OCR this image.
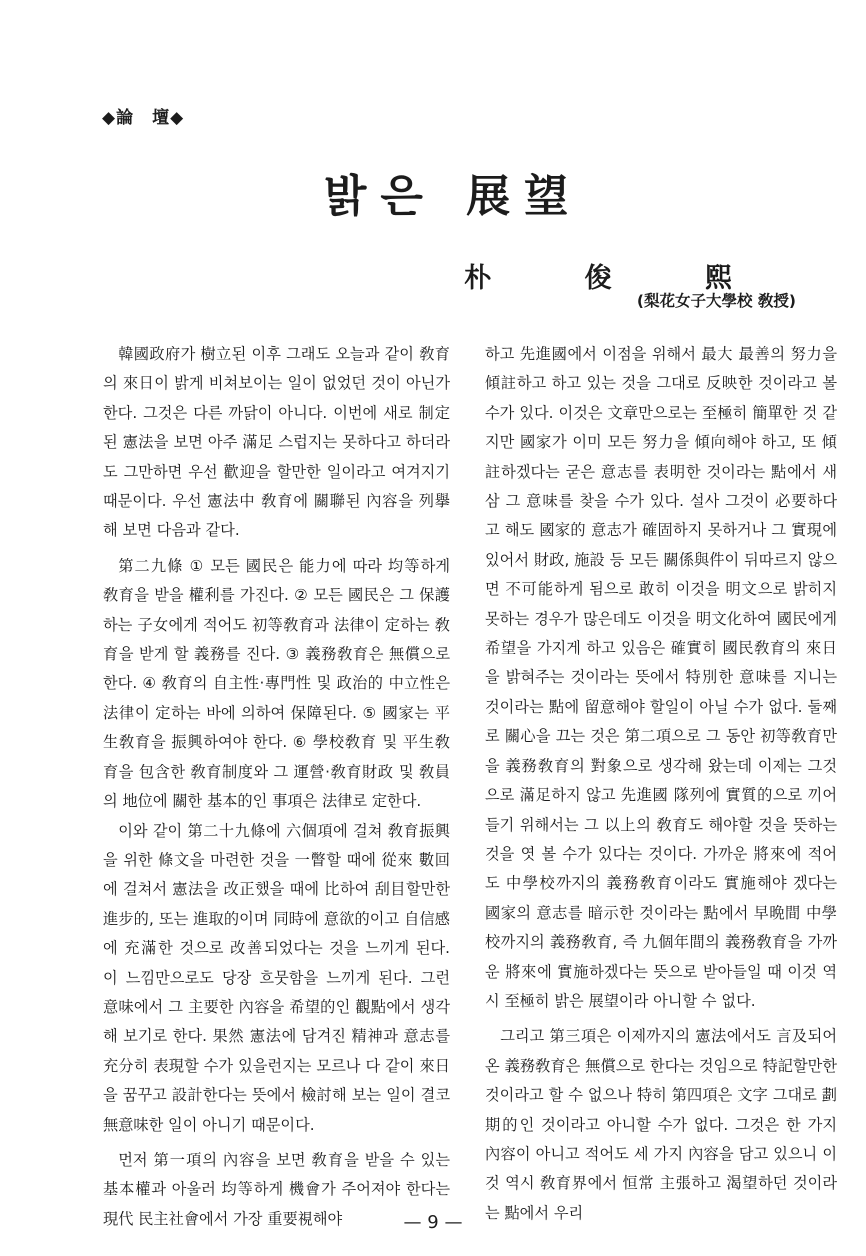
◆論　壇◆
밝은 展望
朴 俊 熙
(梨花女子大學校 敎授)

韓國政府가 樹立된 이후 그래도 오늘과 같이 敎育의 來日이 밝게 비쳐보이는 일이 없었던 것이 아닌가 한다. 그것은 다른 까닭이 아니다. 이번에 새로 制定된 憲法을 보면 아주 滿足 스럽지는 못하다고 하더라도 그만하면 우선 歡迎을 할만한 일이라고 여겨지기 때문이다. 우선 憲法中 敎育에 關聯된 內容을 列擧해 보면 다음과 같다.

第二九條 ① 모든 國民은 能力에 따라 均等하게 敎育을 받을 權利를 가진다. ② 모든 國民은 그 保護하는 子女에게 적어도 初等敎育과 法律이 定하는 敎育을 받게 할 義務를 진다. ③ 義務敎育은 無償으로 한다. ④ 敎育의 自主性·專門性 및 政治的 中立性은 法律이 定하는 바에 의하여 保障된다. ⑤ 國家는 平生敎育을 振興하여야 한다. ⑥ 學校敎育 및 平生敎育을 包含한 敎育制度와 그 運營·敎育財政 및 敎員의 地位에 關한 基本的인 事項은 法律로 定한다.

이와 같이 第二十九條에 六個項에 걸쳐 敎育振興을 위한 條文을 마련한 것을 一瞥할 때에 從來 數回에 걸쳐서 憲法을 改正했을 때에 比하여 刮目할만한 進步的, 또는 進取的이며 同時에 意欲的이고 自信感에 充滿한 것으로 改善되었다는 것을 느끼게 된다. 이 느낌만으로도 당장 흐뭇함을 느끼게 된다. 그런 意味에서 그 主要한 內容을 希望的인 觀點에서 생각해 보기로 한다. 果然 憲法에 담겨진 精神과 意志를 充分히 表現할 수가 있을런지는 모르나 다 같이 來日을 꿈꾸고 設計한다는 뜻에서 檢討해 보는 일이 결코 無意味한 일이 아니기 때문이다.

먼저 第一項의 內容을 보면 敎育을 받을 수 있는 基本權과 아울러 均等하게 機會가 주어져야 한다는 現代 民主社會에서 가장 重要視해야

하고 先進國에서 이점을 위해서 最大 最善의 努力을 傾註하고 하고 있는 것을 그대로 反映한 것이라고 볼 수가 있다. 이것은 文章만으로는 至極히 簡單한 것 같지만 國家가 이미 모든 努力을 傾向해야 하고, 또 傾註하겠다는 굳은 意志를 表明한 것이라는 點에서 새삼 그 意味를 찾을 수가 있다. 설사 그것이 必要하다고 해도 國家的 意志가 確固하지 못하거나 그 實現에 있어서 財政, 施設 등 모든 關係與件이 뒤따르지 않으면 不可能하게 됨으로 敢히 이것을 明文으로 밝히지 못하는 경우가 많은데도 이것을 明文化하여 國民에게 希望을 가지게 하고 있음은 確實히 國民敎育의 來日을 밝혀주는 것이라는 뜻에서 特別한 意味를 지니는 것이라는 點에 留意해야 할일이 아닐 수가 없다. 둘째로 關心을 끄는 것은 第二項으로 그 동안 初等敎育만을 義務敎育의 對象으로 생각해 왔는데 이제는 그것으로 滿足하지 않고 先進國 隊列에 實質的으로 끼어들기 위해서는 그 以上의 敎育도 해야할 것을 뜻하는 것을 엿 볼 수가 있다는 것이다. 가까운 將來에 적어도 中學校까지의 義務敎育이라도 實施해야 겠다는 國家의 意志를 暗示한 것이라는 點에서 早晩間 中學校까지의 義務敎育, 즉 九個年間의 義務敎育을 가까운 將來에 實施하겠다는 뜻으로 받아들일 때 이것 역시 至極히 밝은 展望이라 아니할 수 없다.

그리고 第三項은 이제까지의 憲法에서도 言及되어 온 義務敎育은 無償으로 한다는 것임으로 特記할만한 것이라고 할 수 없으나 特히 第四項은 文字 그대로 劃期的인 것이라고 아니할 수가 없다. 그것은 한 가지 內容이 아니고 적어도 세 가지 內容을 담고 있으니 이것 역시 敎育界에서 恒常 主張하고 渴望하던 것이라는 點에서 우리

— 9 —
